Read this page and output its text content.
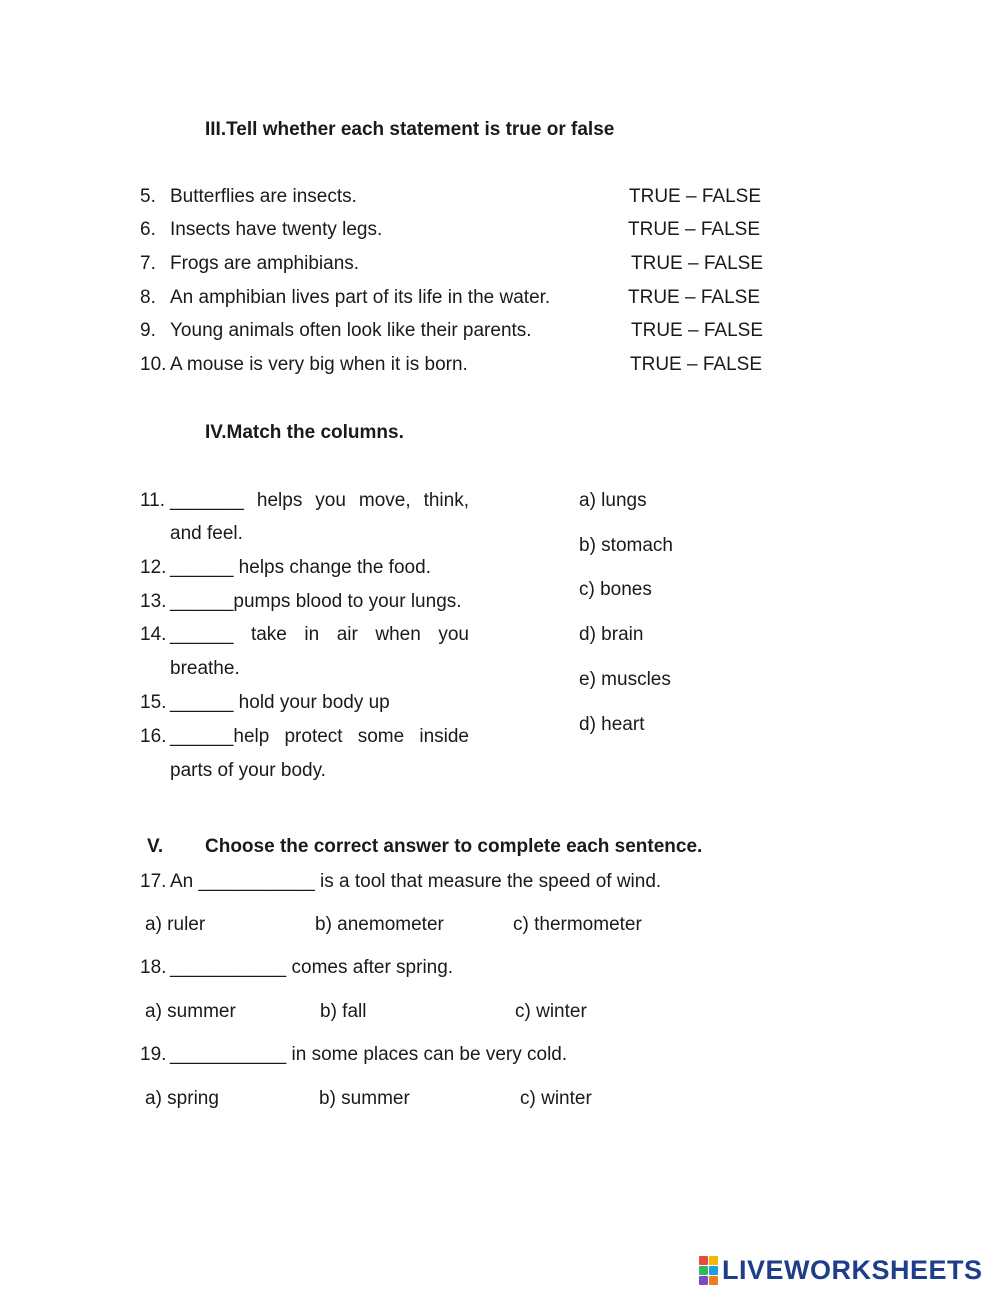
III.Tell whether each statement is true or false
5. Butterflies are insects.	TRUE – FALSE
6. Insects have twenty legs.	TRUE – FALSE
7. Frogs are amphibians.	TRUE – FALSE
8. An amphibian lives part of its life in the water.	TRUE – FALSE
9. Young animals often look like their parents.	TRUE – FALSE
10. A mouse is very big when it is born.	TRUE – FALSE
IV.Match the columns.
11. _______ helps you move, think,
and feel.
12. ______ helps change the food.
13. ______pumps blood to your lungs.
14. ______ take in air when you
breathe.
15. ______ hold your body up
16. ______help protect some inside
parts of your body.
a) lungs
b) stomach
c) bones
d) brain
e) muscles
d) heart
V. Choose the correct answer to complete each sentence.
17. An ___________ is a tool that measure the speed of wind.
a) ruler	b) anemometer	c) thermometer
18. ___________ comes after spring.
a) summer	b) fall	c) winter
19. ___________ in some places can be very cold.
a) spring	b) summer	c) winter
LIVEWORKSHEETS
